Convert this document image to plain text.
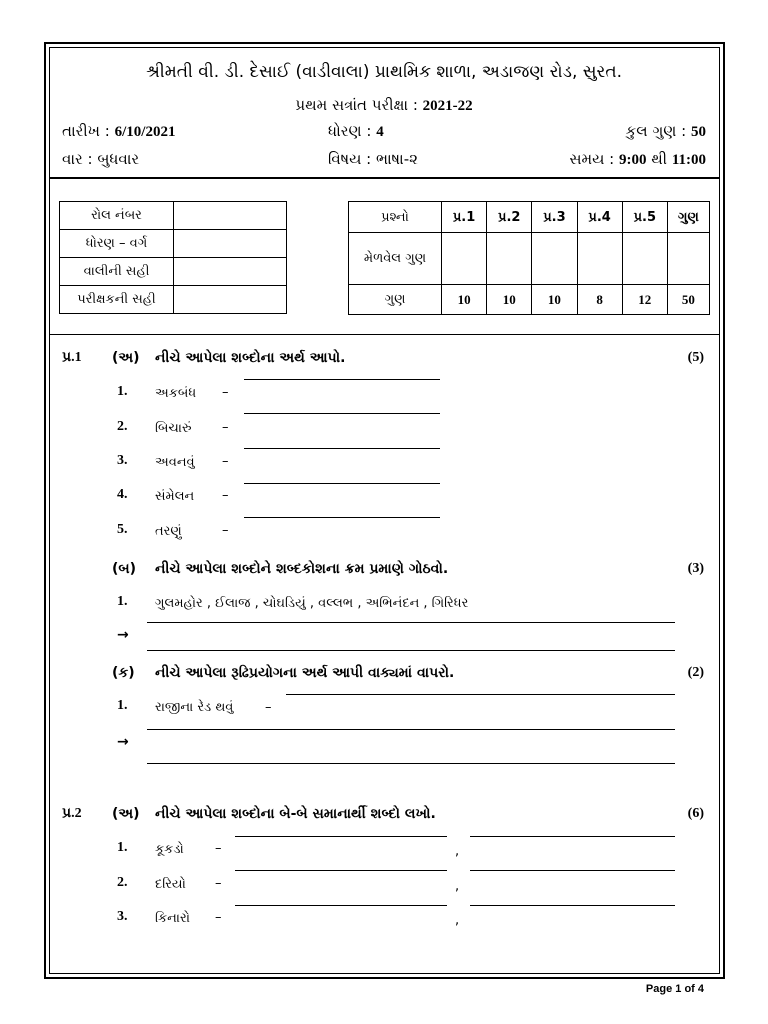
શ્રીમતી વી. ડી. દેસાઈ (વાડીવાલા) પ્રાથમિક શાળા, અડાજણ રોડ, સુરત.
પ્રથમ સત્રાંત પરીક્ષા : 2021-22
તારીખ : 6/10/2021	ધોરણ : 4	કુલ ગુણ : 50
વાર : બુધવાર	વિષય : ભાષા-૨	સમય : 9:00 થી 11:00
રોલ નંબર	
ધોરણ – વર્ગ	
વાલીની સહી	
પરીક્ષકની સહી	
પ્રશ્નો	પ્ર.1	પ્ર.2	પ્ર.3	પ્ર.4	પ્ર.5	ગુણ
મેળવેલ ગુણ						
ગુણ	10	10	10	8	12	50
પ્ર.1 (અ) નીચે આપેલા શબ્દોના અર્થ આપો.	(5)
1. અકબંધ –
2. બિચારું –
3. અવનવું –
4. સંમેલન –
5. તરણું	–
(બ) નીચે આપેલા શબ્દોને શબ્દકોશના ક્રમ પ્રમાણે ગોઠવો.	(3)
1. ગુલમહોર , ઈલાજ , ચોઘડિયું , વલ્લભ , અભિનંદન , ગિરિધર
→
(ક) નીચે આપેલા રૂઢિપ્રયોગના અર્થ આપી વાક્યમાં વાપરો.	(2)
1. રાજીના રેડ થવું –
→
પ્ર.2 (અ) નીચે આપેલા શબ્દોના બે-બે સમાનાર્થી શબ્દો લખો.	(6)
1. કૂકડો –	,
2. દરિયો –	,
3. કિનારો –	,
Page 1 of 4
